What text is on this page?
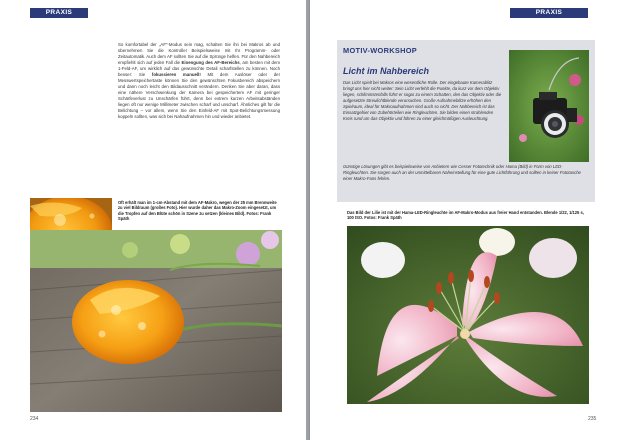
PRAXIS
So komfortabel der „AF“-Modus sein mag, schalten Sie ihn bei Makros ab und übernehmen Sie die Kontrolle! Beispielsweise mit Ihr Programm- oder Zeitautomatik. Auch dem AF sollten Sie auf die Sprünge helfen. Für den Nahbereich empfiehlt sich auf jeden Fall die Einengung des AF-Bereichs, am besten mit dem 1-Feld-AF, um wirklich auf das gewünschte Detail scharfstellen zu können. Noch besser: Sie fokussieren manuell! Mit dem Auslöser oder der Messwertspeichertaste können Sie den gewünschten Fokusbereich abspeichern und dann noch leicht den Bildausschnitt verändern. Denken Sie aber daran, dass eine nähere Verschwenkung der Kamera bei gespeichertem AF mit geringer Schärfeverlust zu Unschärfen führt, denn bei extrem kurzen Arbeitsabständen liegen oft nur wenige Millimeter zwischen scharf und unscharf. Ähnliches gilt für die Belichtung – vor allem, wenn Sie den Einfeld-AF mit Spot-Belichtungsmessung koppeln sollten, was sich bei Nahaufnahmen hin und wieder anbietet.
Oft erhält man im 1-cm-Abstand mit dem AF-Makro, wegen der 25 mm Brennweite zu viel Bildraum (großes Foto). Hier wurde daher das Makro-Zoom eingesetzt, um die Tropfen auf den Blüte schön in Szene zu setzen (kleines Bild). Fotos: Frank Späth
234
PRAXIS
MOTIV-WORKSHOP
Licht im Nahbereich
Das Licht spielt bei Makros eine wesentliche Rolle. Der eingebaute Kamerablitz bringt uns hier nicht weiter: Sein Licht verfehlt die Punkte, da kurz vor dem Objektiv liegen, schlimmstenfalls führt er sogar zu einem Schatten, den das Objektiv oder die aufgesetzte Streulichtblende verursachen. Große Aufnahmeblitze erhöhen den Spielraum, ideal für Makroaufnahmen sind auch so nicht. Der Nahbereich ist das Einsatzgebiet von Zubehörteilen wie Ringleuchten. Sie bilden einen strahlenden Kreis rund um das Objektiv und führen zu einer gleichmäßigen Ausleuchtung.
Günstige Lösungen gibt es beispielsweise von Anbietern wie Cesser Fototechnik oder Hama (Bild) in Form von LED-Ringleuchten. Sie sorgen auch an der unmittelbaren Naheinstellung für eine gute Lichtführung und sollten in keiner Fototasche einer Makro-Fans fehlen.
Das Bild der Lilie ist mit der Hama-LED-Ringleuchte im AF-Makro-Modus aus freier Hand entstanden. Blende 1/22, 1/125 s, 100 ISO. Fotos: Frank Späth
235
